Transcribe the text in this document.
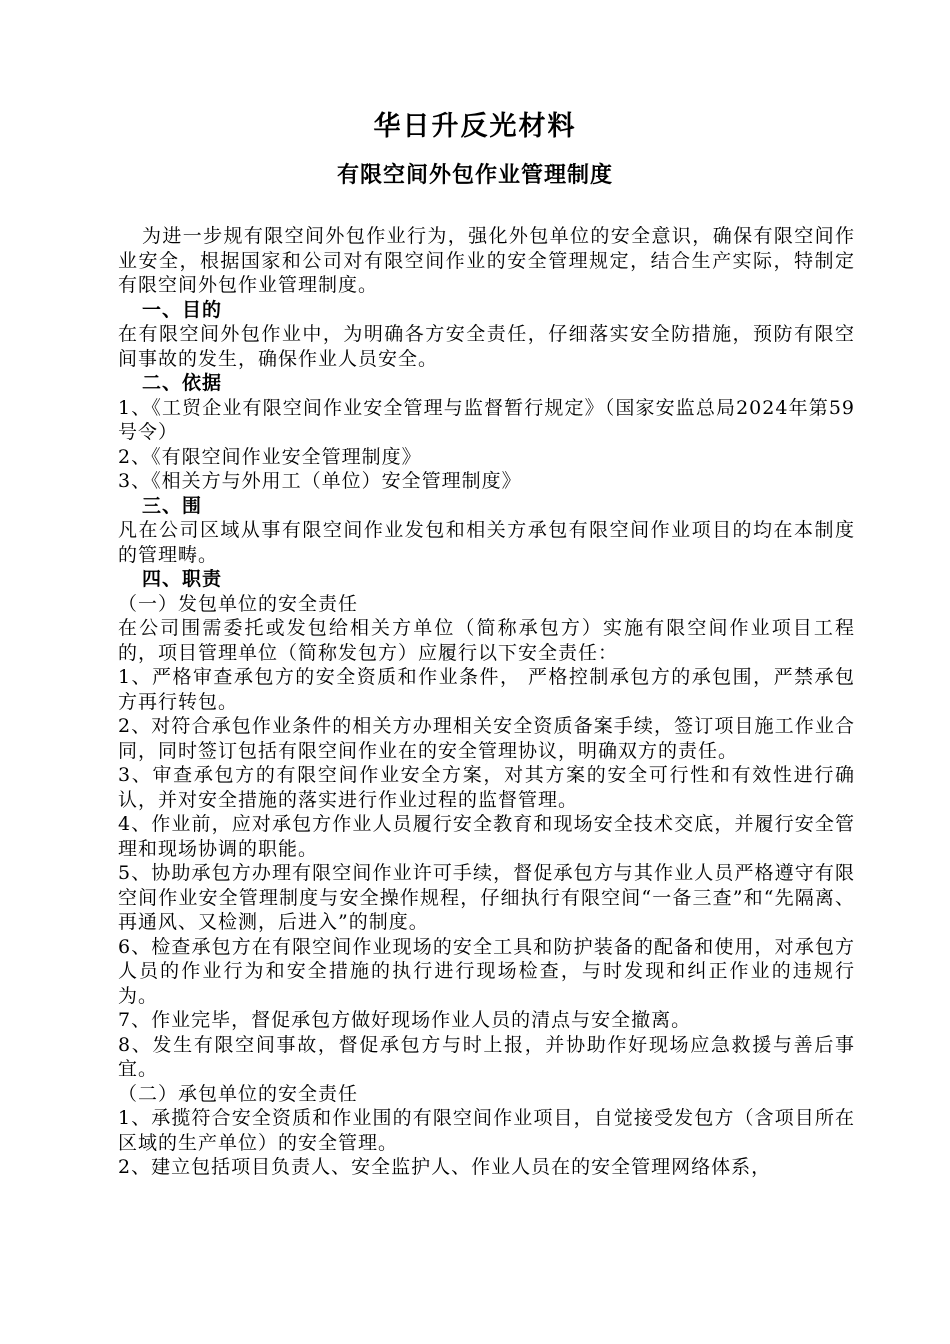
华日升反光材料
有限空间外包作业管理制度

为进一步规有限空间外包作业行为，强化外包单位的安全意识，确保有限空间作业安全，根据国家和公司对有限空间作业的安全管理规定，结合生产实际，特制定有限空间外包作业管理制度。

一、目的

在有限空间外包作业中，为明确各方安全责任，仔细落实安全防措施，预防有限空间事故的发生，确保作业人员安全。

二、依据

1、《工贸企业有限空间作业安全管理与监督暂行规定》（国家安监总局2024年第59号令）

2、《有限空间作业安全管理制度》

3、《相关方与外用工（单位）安全管理制度》

三、围

凡在公司区域从事有限空间作业发包和相关方承包有限空间作业项目的均在本制度的管理畴。

四、职责

（一）发包单位的安全责任

在公司围需委托或发包给相关方单位（简称承包方）实施有限空间作业项目工程的，项目管理单位（简称发包方）应履行以下安全责任：

1、严格审查承包方的安全资质和作业条件， 严格控制承包方的承包围，严禁承包方再行转包。

2、对符合承包作业条件的相关方办理相关安全资质备案手续，签订项目施工作业合同，同时签订包括有限空间作业在的安全管理协议，明确双方的责任。

3、审查承包方的有限空间作业安全方案，对其方案的安全可行性和有效性进行确认，并对安全措施的落实进行作业过程的监督管理。

4、作业前，应对承包方作业人员履行安全教育和现场安全技术交底，并履行安全管理和现场协调的职能。

5、协助承包方办理有限空间作业许可手续，督促承包方与其作业人员严格遵守有限空间作业安全管理制度与安全操作规程，仔细执行有限空间“一备三查”和“先隔离、再通风、又检测，后进入”的制度。

6、检查承包方在有限空间作业现场的安全工具和防护装备的配备和使用，对承包方人员的作业行为和安全措施的执行进行现场检查，与时发现和纠正作业的违规行为。

7、作业完毕，督促承包方做好现场作业人员的清点与安全撤离。

8、发生有限空间事故，督促承包方与时上报，并协助作好现场应急救援与善后事宜。

（二）承包单位的安全责任

1、承揽符合安全资质和作业围的有限空间作业项目，自觉接受发包方（含项目所在区域的生产单位）的安全管理。

2、建立包括项目负责人、安全监护人、作业人员在的安全管理网络体系，
